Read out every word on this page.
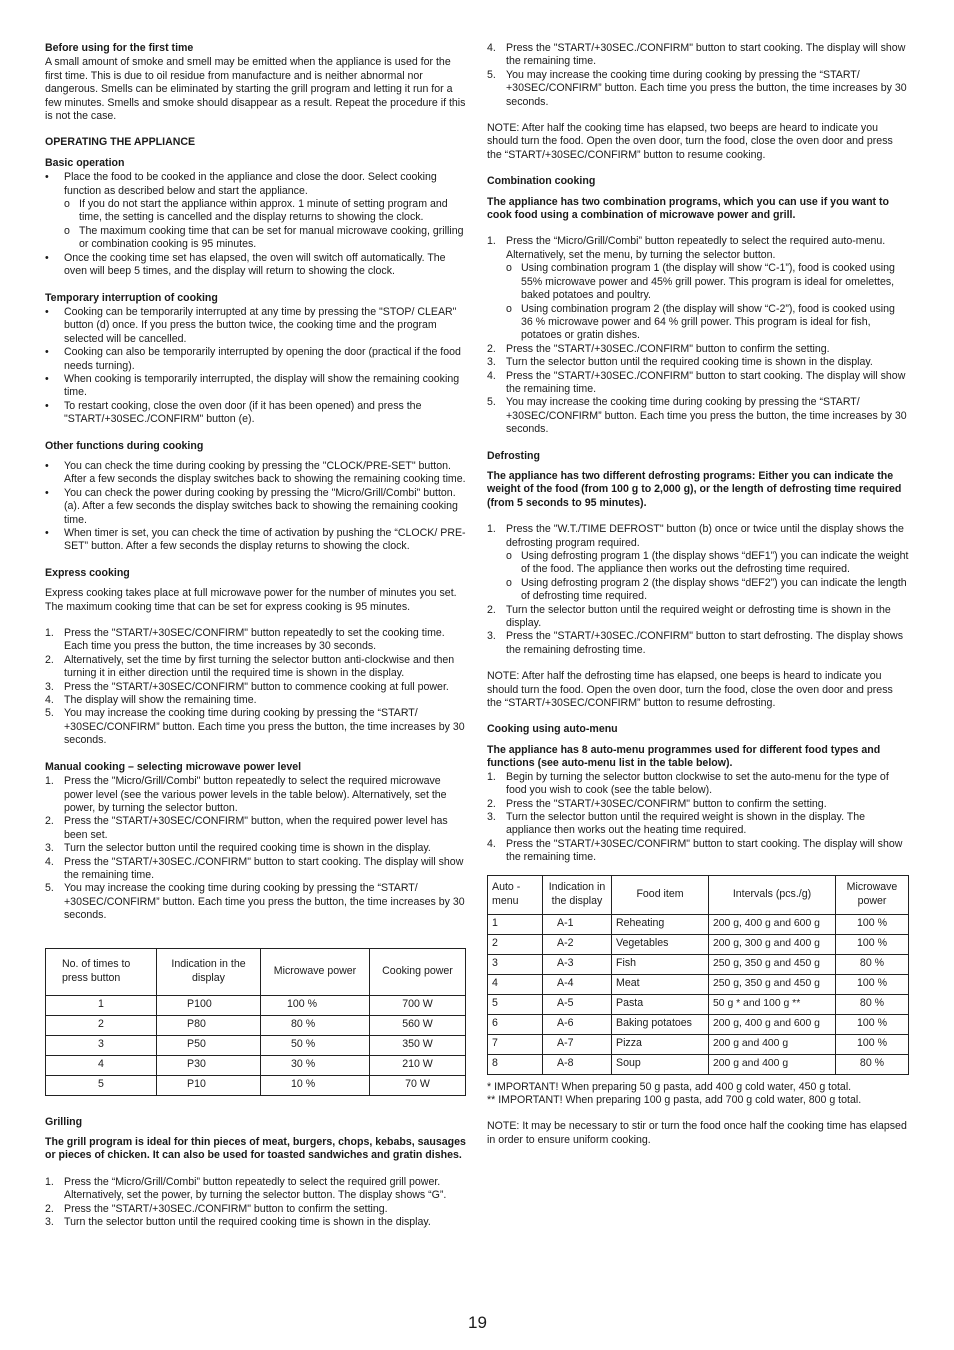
Before using for the first time

A small amount of smoke and smell may be emitted when the appliance is used for the first time. This is due to oil residue from manufacture and is neither abnormal nor dangerous. Smells can be eliminated by starting the grill program and letting it run for a few minutes. Smells and smoke should disappear as a result. Repeat the procedure if this is not the case.

OPERATING THE APPLIANCE
Basic operation
• Place the food to be cooked in the appliance and close the door. Select cooking function as described below and start the appliance.
o If you do not start the appliance within approx. 1 minute of setting program and time, the setting is cancelled and the display returns to showing the clock.
o The maximum cooking time that can be set for manual microwave cooking, grilling or combination cooking is 95 minutes.
• Once the cooking time set has elapsed, the oven will switch off automatically. The oven will beep 5 times, and the display will return to showing the clock.
Temporary interruption of cooking
• Cooking can be temporarily interrupted at any time by pressing the "STOP/ CLEAR" button (d) once. If you press the button twice, the cooking time and the program selected will be cancelled.
• Cooking can also be temporarily interrupted by opening the door (practical if the food needs turning).
• When cooking is temporarily interrupted, the display will show the remaining cooking time.
• To restart cooking, close the oven door (if it has been opened) and press the "START/+30SEC./CONFIRM" button (e).
Other functions during cooking
• You can check the time during cooking by pressing the "CLOCK/PRE-SET" button. After a few seconds the display switches back to showing the remaining cooking time.
• You can check the power during cooking by pressing the "Micro/Grill/Combi" button. (a). After a few seconds the display switches back to showing the remaining cooking time.
• When timer is set, you can check the time of activation by pushing the “CLOCK/ PRE-SET” button. After a few seconds the display returns to showing the clock.
Express cooking

Express cooking takes place at full microwave power for the number of minutes you set.

The maximum cooking time that can be set for express cooking is 95 minutes.

1. Press the "START/+30SEC/CONFIRM" button repeatedly to set the cooking time. Each time you press the button, the time increases by 30 seconds.
2. Alternatively, set the time by first turning the selector button anti-clockwise and then turning it in either direction until the required time is shown in the display.
3. Press the "START/+30SEC/CONFIRM" button to commence cooking at full power.
4. The display will show the remaining time.
5. You may increase the cooking time during cooking by pressing the “START/ +30SEC/CONFIRM” button. Each time you press the button, the time increases by 30 seconds.
Manual cooking – selecting microwave power level
1. Press the "Micro/Grill/Combi" button repeatedly to select the required microwave power level (see the various power levels in the table below). Alternatively, set the power, by turning the selector button.
2. Press the "START/+30SEC/CONFIRM" button, when the required power level has been set.
3. Turn the selector button until the required cooking time is shown in the display.
4. Press the "START/+30SEC./CONFIRM" button to start cooking. The display will show the remaining time.
5. You may increase the cooking time during cooking by pressing the “START/ +30SEC/CONFIRM” button. Each time you press the button, the time increases by 30 seconds.
No. of times to press button	Indication in the display	Microwave power	Cooking power
1	P100	100 %	700 W
2	P80	80 %	560 W
3	P50	50 %	350 W
4	P30	30 %	210 W
5	P10	10 %	70 W
Grilling

The grill program is ideal for thin pieces of meat, burgers, chops, kebabs, sausages or pieces of chicken. It can also be used for toasted sandwiches and gratin dishes.

1. Press the “Micro/Grill/Combi” button repeatedly to select the required grill power. Alternatively, set the power, by turning the selector button. The display shows “G”.
2. Press the "START/+30SEC./CONFIRM" button to confirm the setting.
3. Turn the selector button until the required cooking time is shown in the display.
4. Press the "START/+30SEC./CONFIRM" button to start cooking. The display will show the remaining time.
5. You may increase the cooking time during cooking by pressing the “START/ +30SEC/CONFIRM” button. Each time you press the button, the time increases by 30 seconds.

NOTE: After half the cooking time has elapsed, two beeps are heard to indicate you should turn the food. Open the oven door, turn the food, close the oven door and press the “START/+30SEC/CONFIRM” button to resume cooking.

Combination cooking

The appliance has two combination programs, which you can use if you want to cook food using a combination of microwave power and grill.

1. Press the “Micro/Grill/Combi” button repeatedly to select the required auto-menu. Alternatively, set the menu, by turning the selector button.
o Using combination program 1 (the display will show “C-1”), food is cooked using 55% microwave power and 45% grill power. This program is ideal for omelettes, baked potatoes and poultry.
o Using combination program 2 (the display will show “C-2”), food is cooked using 36 % microwave power and 64 % grill power. This program is ideal for fish, potatoes or gratin dishes.
2. Press the "START/+30SEC./CONFIRM" button to confirm the setting.
3. Turn the selector button until the required cooking time is shown in the display.
4. Press the "START/+30SEC./CONFIRM" button to start cooking. The display will show the remaining time.
5. You may increase the cooking time during cooking by pressing the “START/ +30SEC/CONFIRM” button. Each time you press the button, the time increases by 30 seconds.
Defrosting

The appliance has two different defrosting programs: Either you can indicate the weight of the food (from 100 g to 2,000 g), or the length of defrosting time required (from 5 seconds to 95 minutes).

1. Press the "W.T./TIME DEFROST" button (b) once or twice until the display shows the defrosting program required.
o Using defrosting program 1 (the display shows “dEF1”) you can indicate the weight of the food. The appliance then works out the defrosting time required.
o Using defrosting program 2 (the display shows “dEF2”) you can indicate the length of defrosting time required.
2. Turn the selector button until the required weight or defrosting time is shown in the display.
3. Press the "START/+30SEC./CONFIRM" button to start defrosting. The display shows the remaining defrosting time.

NOTE: After half the defrosting time has elapsed, one beeps is heard to indicate you should turn the food. Open the oven door, turn the food, close the oven door and press the “START/+30SEC/CONFIRM” button to resume defrosting.

Cooking using auto-menu

The appliance has 8 auto-menu programmes used for different food types and functions (see auto-menu list in the table below).

1. Begin by turning the selector button clockwise to set the auto-menu for the type of food you wish to cook (see the table below).
2. Press the "START/+30SEC/CONFIRM" button to confirm the setting.
3. Turn the selector button until the required weight is shown in the display. The appliance then works out the heating time required.
4. Press the "START/+30SEC/CONFIRM" button to start cooking. The display will show the remaining time.
Auto -menu	Indication in the display	Food item	Intervals (pcs./g)	Microwave power
1	A-1	Reheating	200 g, 400 g and 600 g	100 %
2	A-2	Vegetables	200 g, 300 g and 400 g	100 %
3	A-3	Fish	250 g, 350 g and 450 g	80 %
4	A-4	Meat	250 g, 350 g and 450 g	100 %
5	A-5	Pasta	50 g * and 100 g **	80 %
6	A-6	Baking potatoes	200 g, 400 g and 600 g	100 %
7	A-7	Pizza	200 g and 400 g	100 %
8	A-8	Soup	200 g and 400 g	80 %

* IMPORTANT! When preparing 50 g pasta, add 400 g cold water, 450 g total.

** IMPORTANT! When preparing 100 g pasta, add 700 g cold water, 800 g total.

NOTE: It may be necessary to stir or turn the food once half the cooking time has elapsed in order to ensure uniform cooking.

19
